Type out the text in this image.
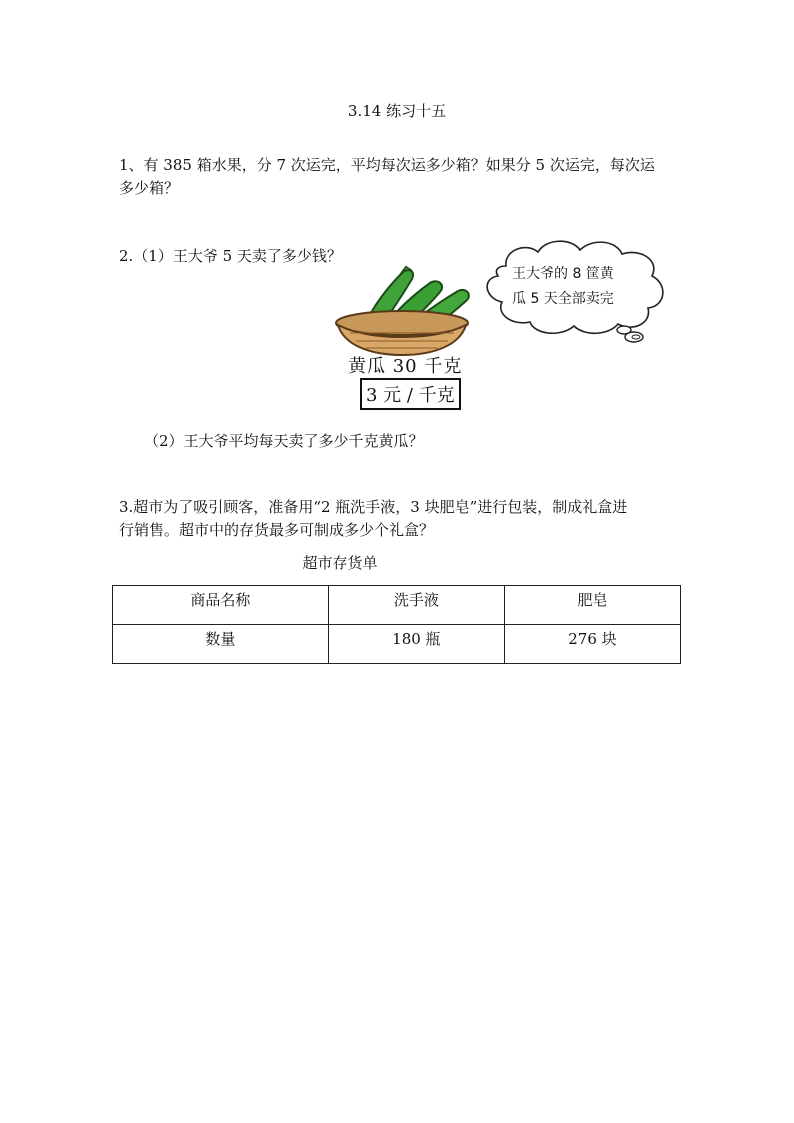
3.14 练习十五
1、有 385 箱水果，分 7 次运完，平均每次运多少箱？如果分 5 次运完，每次运
多少箱？
2.（1）王大爷 5 天卖了多少钱？
黄瓜 30 千克
3 元 / 千克
王大爷的 8 筐黄
瓜 5 天全部卖完
（2）王大爷平均每天卖了多少千克黄瓜？
3.超市为了吸引顾客，准备用“2 瓶洗手液，3 块肥皂”进行包装，制成礼盒进
行销售。超市中的存货最多可制成多少个礼盒？
超市存货单
商品名称	洗手液	肥皂
数量	180 瓶	276 块
